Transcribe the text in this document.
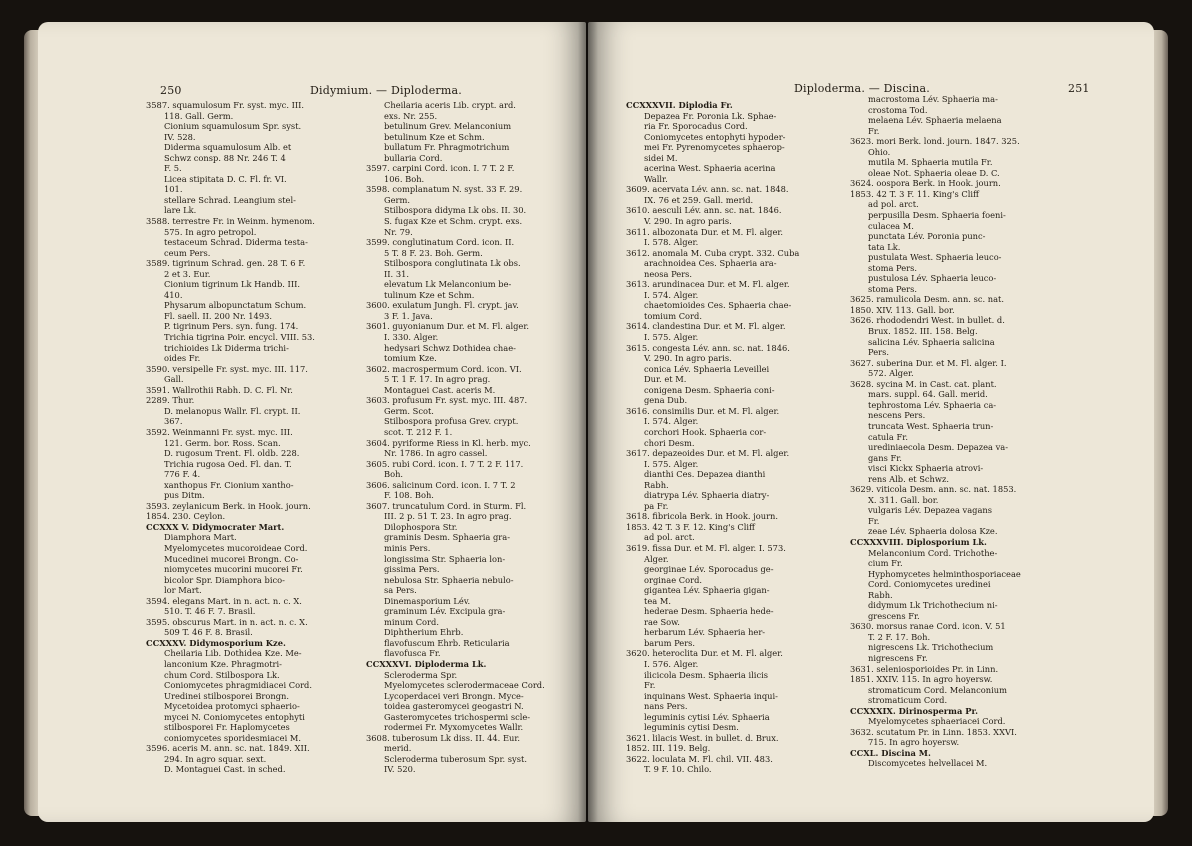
250	Didymium. — Diploderma.
3587. squamulosum Fr. syst. myc. III.
118. Gall. Germ.
Cionium squamulosum Spr. syst.
IV. 528.
Diderma squamulosum Alb. et
Schwz consp. 88 Nr. 246 T. 4
F. 5.
Licea stipitata D. C. Fl. fr. VI.
101.
stellare Schrad. Leangium stel-
lare Lk.
3588. terrestre Fr. in Weinm. hymenom.
575. In agro petropol.
testaceum Schrad. Diderma testa-
ceum Pers.
3589. tigrinum Schrad. gen. 28 T. 6 F.
2 et 3. Eur.
Cionium tigrinum Lk Handb. III.
410.
Physarum albopunctatum Schum.
Fl. saell. II. 200 Nr. 1493.
P. tigrinum Pers. syn. fung. 174.
Trichia tigrina Poir. encycl. VIII. 53.
trichioides Lk Diderma trichi-
oides Fr.
3590. versipelle Fr. syst. myc. III. 117.
Gall.
3591. Wallrothii Rabh. D. C. Fl. Nr.
2289. Thur.
D. melanopus Wallr. Fl. crypt. II.
367.
3592. Weinmanni Fr. syst. myc. III.
121. Germ. bor. Ross. Scan.
D. rugosum Trent. Fl. oldb. 228.
Trichia rugosa Oed. Fl. dan. T.
776 F. 4.
xanthopus Fr. Cionium xantho-
pus Ditm.
3593. zeylanicum Berk. in Hook. journ.
1854. 230. Ceylon.
CCXXX V. Didymocrater Mart.
Diamphora Mart.
Myelomycetes mucoroideae Cord.
Mucedinei mucorei Brongn. Co-
niomycetes mucorini mucorei Fr.
bicolor Spr. Diamphora bico-
lor Mart.
3594. elegans Mart. in n. act. n. c. X.
510. T. 46 F. 7. Brasil.
3595. obscurus Mart. in n. act. n. c. X.
509 T. 46 F. 8. Brasil.
CCXXXV. Didymosporium Kze.
Cheilaria Lib. Dothidea Kze. Me-
lanconium Kze. Phragmotri-
chum Cord. Stilbospora Lk.
Coniomycetes phragmidiacei Cord.
Uredinei stilbosporei Brongn.
Mycetoidea protomyci sphaerio-
mycei N. Coniomycetes entophyti
stilbosporei Fr. Haplomycetes
coniomycetes sporidesmiacei M.
3596. aceris M. ann. sc. nat. 1849. XII.
294. In agro squar. sext.
D. Montaguei Cast. in sched.
Cheilaria aceris Lib. crypt. ard.
exs. Nr. 255.
betulinum Grev. Melanconium
betulinum Kze et Schm.
bullatum Fr. Phragmotrichum
bullaria Cord.
3597. carpini Cord. icon. I. 7 T. 2 F.
106. Boh.
3598. complanatum N. syst. 33 F. 29.
Germ.
Stilbospora didyma Lk obs. II. 30.
S. fugax Kze et Schm. crypt. exs.
Nr. 79.
3599. conglutinatum Cord. icon. II.
5 T. 8 F. 23. Boh. Germ.
Stilbospora conglutinata Lk obs.
II. 31.
elevatum Lk Melanconium be-
tulinum Kze et Schm.
3600. exulatum Jungh. Fl. crypt. jav.
3 F. 1. Java.
3601. guyonianum Dur. et M. Fl. alger.
I. 330. Alger.
hedysari Schwz Dothidea chae-
tomium Kze.
3602. macrospermum Cord. icon. VI.
5 T. 1 F. 17. In agro prag.
Montaguei Cast. aceris M.
3603. profusum Fr. syst. myc. III. 487.
Germ. Scot.
Stilbospora profusa Grev. crypt.
scot. T. 212 F. 1.
3604. pyriforme Riess in Kl. herb. myc.
Nr. 1786. In agro cassel.
3605. rubi Cord. icon. I. 7 T. 2 F. 117.
Boh.
3606. salicinum Cord. icon. I. 7 T. 2
F. 108. Boh.
3607. truncatulum Cord. in Sturm. Fl.
III. 2 p. 51 T. 23. In agro prag.
Dilophospora Str.
graminis Desm. Sphaeria gra-
minis Pers.
longissima Str. Sphaeria lon-
gissima Pers.
nebulosa Str. Sphaeria nebulo-
sa Pers.
Dinemasporium Lév.
graminum Lév. Excipula gra-
minum Cord.
Diphtherium Ehrb.
flavofuscum Ehrb. Reticularia
flavofusca Fr.
CCXXXVI. Diploderma Lk.
Scleroderma Spr.
Myelomycetes sclerodermaceae Cord.
Lycoperdacei veri Brongn. Myce-
toidea gasteromycei geogastri N.
Gasteromycetes trichospermi scle-
rodermei Fr. Myxomycetes Wallr.
3608. tuberosum Lk diss. II. 44. Eur.
merid.
Scleroderma tuberosum Spr. syst.
IV. 520.
Diploderma. — Discina.	251
CCXXXVII. Diplodia Fr.
Depazea Fr. Poronia Lk. Sphae-
ria Fr. Sporocadus Cord.
Coniomycetes entophyti hypoder-
mei Fr. Pyrenomycetes sphaerop-
sidei M.
acerina West. Sphaeria acerina
Wallr.
3609. acervata Lév. ann. sc. nat. 1848.
IX. 76 et 259. Gall. merid.
3610. aesculi Lév. ann. sc. nat. 1846.
V. 290. In agro paris.
3611. albozonata Dur. et M. Fl. alger.
I. 578. Alger.
3612. anomala M. Cuba crypt. 332. Cuba
arachnoidea Ces. Sphaeria ara-
neosa Pers.
3613. arundinacea Dur. et M. Fl. alger.
I. 574. Alger.
chaetomioides Ces. Sphaeria chae-
tomium Cord.
3614. clandestina Dur. et M. Fl. alger.
I. 575. Alger.
3615. congesta Lév. ann. sc. nat. 1846.
V. 290. In agro paris.
conica Lév. Sphaeria Leveillei
Dur. et M.
conigena Desm. Sphaeria coni-
gena Dub.
3616. consimilis Dur. et M. Fl. alger.
I. 574. Alger.
corchori Hook. Sphaeria cor-
chori Desm.
3617. depazeoides Dur. et M. Fl. alger.
I. 575. Alger.
dianthi Ces. Depazea dianthi
Rabh.
diatrypa Lév. Sphaeria diatry-
pa Fr.
3618. fibricola Berk. in Hook. journ.
1853. 42 T. 3 F. 12. King's Cliff
ad pol. arct.
3619. fissa Dur. et M. Fl. alger. I. 573.
Alger.
georginae Lév. Sporocadus ge-
orginae Cord.
gigantea Lév. Sphaeria gigan-
tea M.
hederae Desm. Sphaeria hede-
rae Sow.
herbarum Lév. Sphaeria her-
barum Pers.
3620. heteroclita Dur. et M. Fl. alger.
I. 576. Alger.
ilicicola Desm. Sphaeria ilicis
Fr.
inquinans West. Sphaeria inqui-
nans Pers.
leguminis cytisi Lév. Sphaeria
leguminis cytisi Desm.
3621. lilacis West. in bullet. d. Brux.
1852. III. 119. Belg.
3622. loculata M. Fl. chil. VII. 483.
T. 9 F. 10. Chilo.
macrostoma Lév. Sphaeria ma-
crostoma Tod.
melaena Lév. Sphaeria melaena
Fr.
3623. mori Berk. lond. journ. 1847. 325.
Ohio.
mutila M. Sphaeria mutila Fr.
oleae Not. Sphaeria oleae D. C.
3624. oospora Berk. in Hook. journ.
1853. 42 T. 3 F. 11. King's Cliff
ad pol. arct.
perpusilla Desm. Sphaeria foeni-
culacea M.
punctata Lév. Poronia punc-
tata Lk.
pustulata West. Sphaeria leuco-
stoma Pers.
pustulosa Lév. Sphaeria leuco-
stoma Pers.
3625. ramulicola Desm. ann. sc. nat.
1850. XIV. 113. Gall. bor.
3626. rhododendri West. in bullet. d.
Brux. 1852. III. 158. Belg.
salicina Lév. Sphaeria salicina
Pers.
3627. suberina Dur. et M. Fl. alger. I.
572. Alger.
3628. sycina M. in Cast. cat. plant.
mars. suppl. 64. Gall. merid.
tephrostoma Lév. Sphaeria ca-
nescens Pers.
truncata West. Sphaeria trun-
catula Fr.
urediniaecola Desm. Depazea va-
gans Fr.
visci Kickx Sphaeria atrovi-
rens Alb. et Schwz.
3629. viticola Desm. ann. sc. nat. 1853.
X. 311. Gall. bor.
vulgaris Lév. Depazea vagans
Fr.
zeae Lév. Sphaeria dolosa Kze.
CCXXXVIII. Diplosporium Lk.
Melanconium Cord. Trichothe-
cium Fr.
Hyphomycetes helminthosporiaceae
Cord. Coniomycetes uredinei
Rabh.
didymum Lk Trichothecium ni-
grescens Fr.
3630. morsus ranae Cord. icon. V. 51
T. 2 F. 17. Boh.
nigrescens Lk. Trichothecium
nigrescens Fr.
3631. seleniosporioides Pr. in Linn.
1851. XXIV. 115. In agro hoyersw.
stromaticum Cord. Melanconium
stromaticum Cord.
CCXXXIX. Dirinosperma Pr.
Myelomycetes sphaeriacei Cord.
3632. scutatum Pr. in Linn. 1853. XXVI.
715. In agro hoyersw.
CCXL. Discina M.
Discomycetes helvellacei M.
